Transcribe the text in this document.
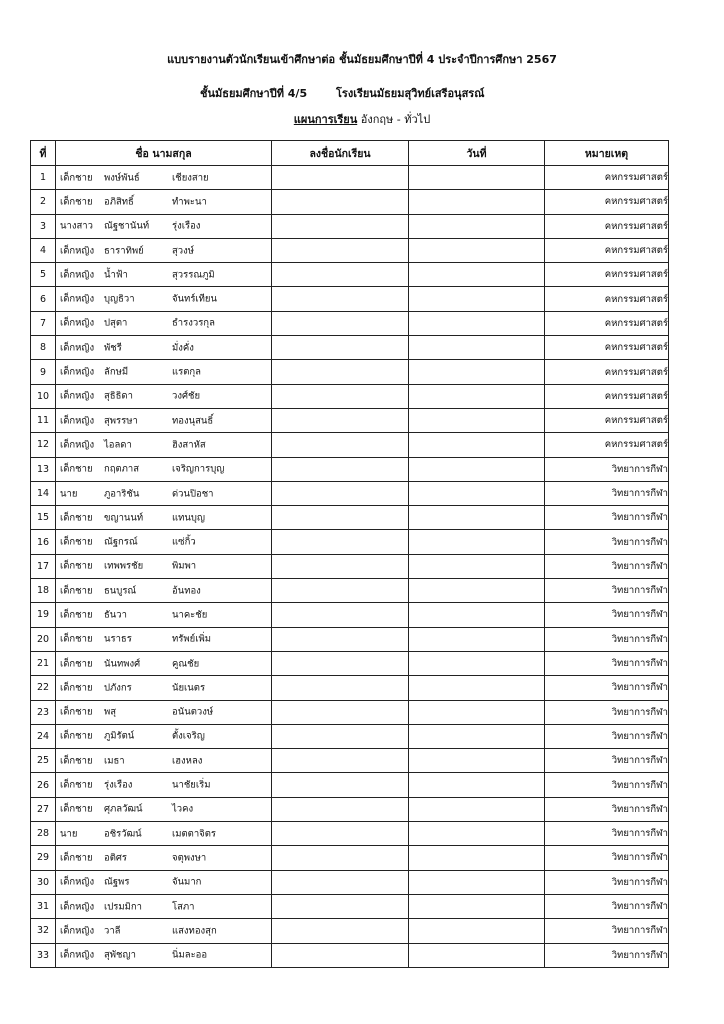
แบบรายงานตัวนักเรียนเข้าศึกษาต่อ ชั้นมัธยมศึกษาปีที่ 4 ประจำปีการศึกษา 2567
ชั้นมัธยมศึกษาปีที่ 4/5	โรงเรียนมัธยมสุวิทย์เสรีอนุสรณ์
แผนการเรียน อังกฤษ - ทั่วไป
ที่	ชื่อ นามสกุล	ลงชื่อนักเรียน	วันที่	หมายเหตุ
1	เด็กชาย พงษ์พันธ์ เชียงสาย			คหกรรมศาสตร์
2	เด็กชาย อภิสิทธิ์ ทำพะนา			คหกรรมศาสตร์
3	นางสาว ณัฐชานันท์ รุ่งเรือง			คหกรรมศาสตร์
4	เด็กหญิง ธาราทิพย์ สุวงษ์			คหกรรมศาสตร์
5	เด็กหญิง น้ำฟ้า สุวรรณภูมิ			คหกรรมศาสตร์
6	เด็กหญิง บุญธิวา จันทร์เทียน			คหกรรมศาสตร์
7	เด็กหญิง ปสุตา ธำรงวรกุล			คหกรรมศาสตร์
8	เด็กหญิง พัชรี มั่งคั่ง			คหกรรมศาสตร์
9	เด็กหญิง ลักษมี แรตกุล			คหกรรมศาสตร์
10	เด็กหญิง สุธิธิดา วงศ์ชัย			คหกรรมศาสตร์
11	เด็กหญิง สุพรรษา ทองนุสนธิ์			คหกรรมศาสตร์
12	เด็กหญิง ไอลดา ฮิงสาหัส			คหกรรมศาสตร์
13	เด็กชาย กฤตภาส เจริญการบุญ			วิทยาการกีฬา
14	นาย ภูอาริชัน ด่วนปิอชา			วิทยาการกีฬา
15	เด็กชาย ขญานนท์ แทนบุญ			วิทยาการกีฬา
16	เด็กชาย ณัฐกรณ์ แซ่กิ้ว			วิทยาการกีฬา
17	เด็กชาย เทพพรชัย พิมพา			วิทยาการกีฬา
18	เด็กชาย ธนบูรณ์ อ้นทอง			วิทยาการกีฬา
19	เด็กชาย ธันวา นาคะชัย			วิทยาการกีฬา
20	เด็กชาย นราธร ทรัพย์เพิ่ม			วิทยาการกีฬา
21	เด็กชาย นันทพงศ์ คูณชัย			วิทยาการกีฬา
22	เด็กชาย ปภังกร นัยเนตร			วิทยาการกีฬา
23	เด็กชาย พสุ อนันตวงษ์			วิทยาการกีฬา
24	เด็กชาย ภูมิรัตน์ ตั้งเจริญ			วิทยาการกีฬา
25	เด็กชาย เมธา เฮงหลง			วิทยาการกีฬา
26	เด็กชาย รุ่งเรือง นาชัยเริ่ม			วิทยาการกีฬา
27	เด็กชาย ศุภลวัฒน์ ไวคง			วิทยาการกีฬา
28	นาย อชิรวัฒน์ เมตตาจิตร			วิทยาการกีฬา
29	เด็กชาย อติศร จตุพงษา			วิทยาการกีฬา
30	เด็กหญิง ณัฐพร จันมาก			วิทยาการกีฬา
31	เด็กหญิง เปรมมิกา โสภา			วิทยาการกีฬา
32	เด็กหญิง วาลี แสงทองสุก			วิทยาการกีฬา
33	เด็กหญิง สุพัชญา นิ่มละออ			วิทยาการกีฬา
